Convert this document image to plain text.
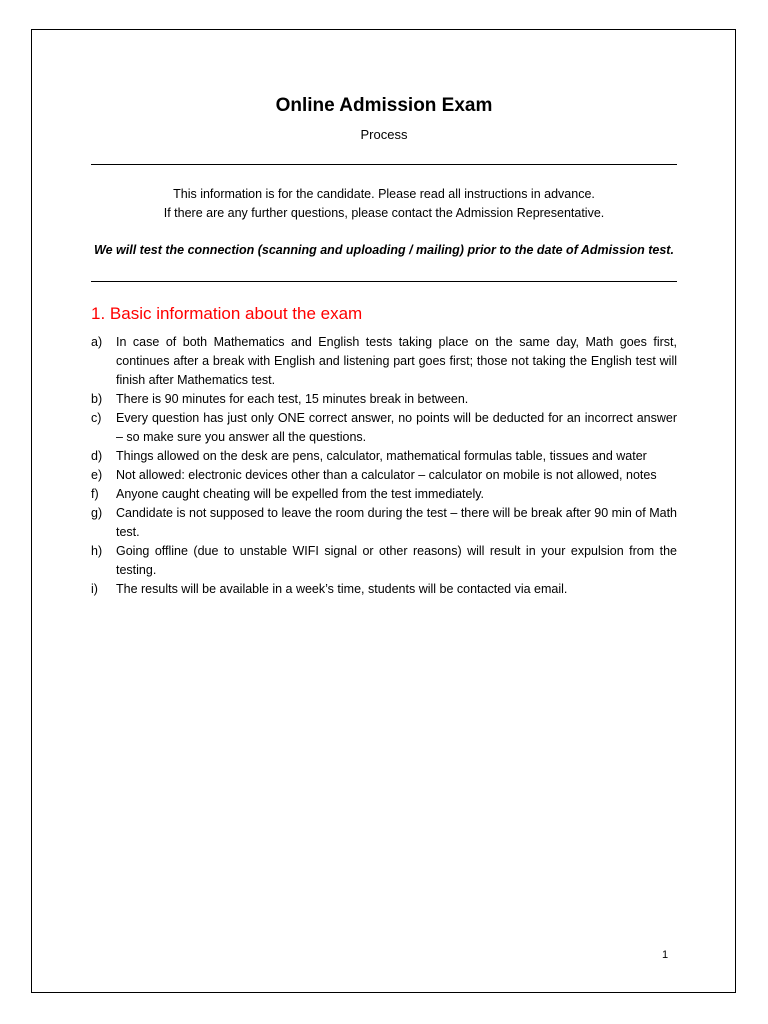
Online Admission Exam
Process
This information is for the candidate. Please read all instructions in advance.
If there are any further questions, please contact the Admission Representative.
We will test the connection (scanning and uploading / mailing) prior to the date of Admission test.
1. Basic information about the exam
a)	In case of both Mathematics and English tests taking place on the same day, Math goes first, continues after a break with English and listening part goes first; those not taking the English test will finish after Mathematics test.
b)	There is 90 minutes for each test, 15 minutes break in between.
c)	Every question has just only ONE correct answer, no points will be deducted for an incorrect answer – so make sure you answer all the questions.
d)	Things allowed on the desk are pens, calculator, mathematical formulas table, tissues and water
e)	Not allowed: electronic devices other than a calculator – calculator on mobile is not allowed, notes
f)	Anyone caught cheating will be expelled from the test immediately.
g)	Candidate is not supposed to leave the room during the test – there will be break after 90 min of Math test.
h)	Going offline (due to unstable WIFI signal or other reasons) will result in your expulsion from the testing.
i)	The results will be available in a week’s time, students will be contacted via email.
1
